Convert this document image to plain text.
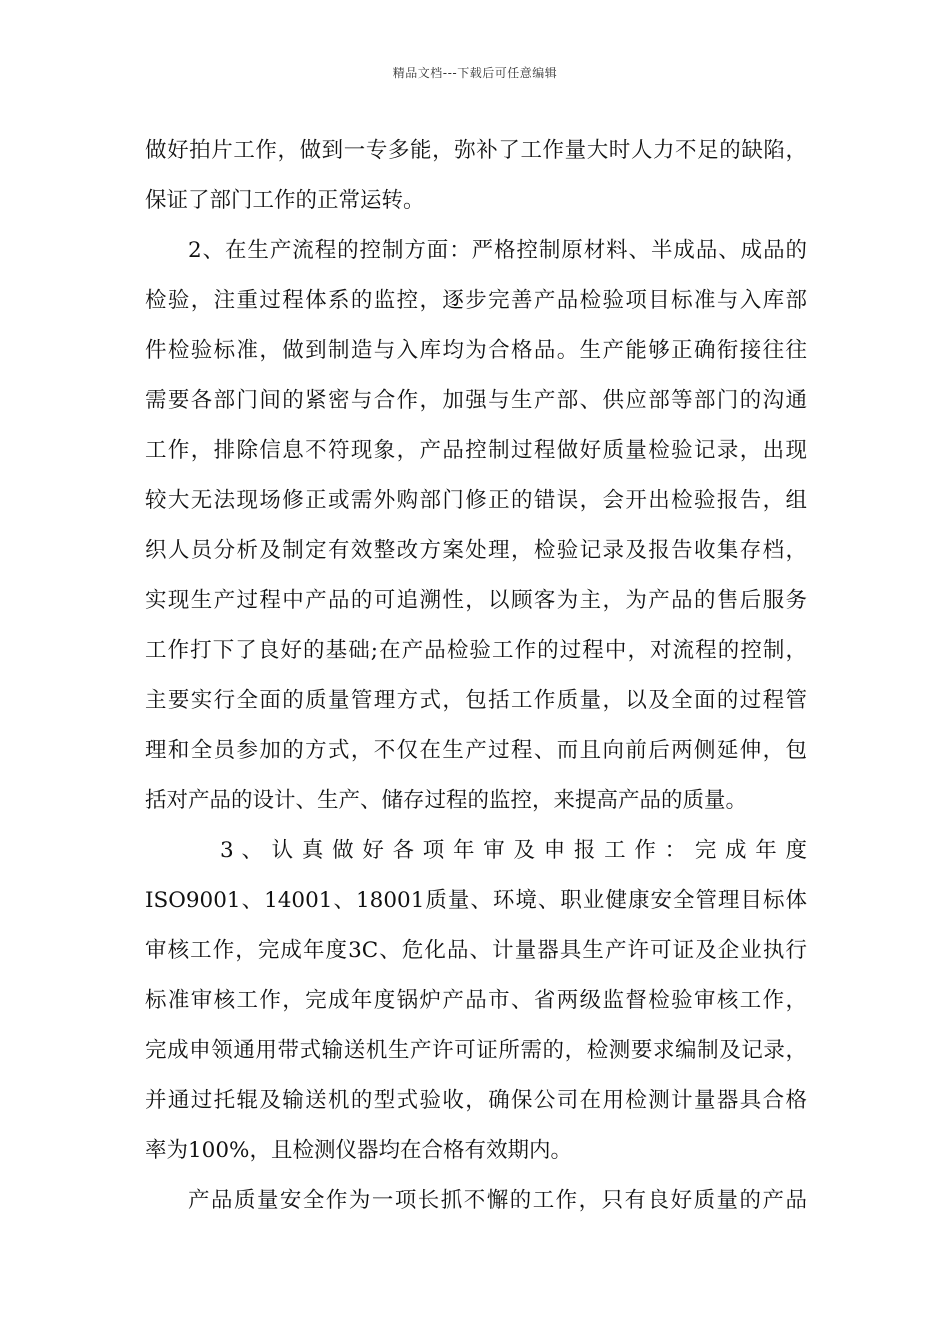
精品文档---下载后可任意编辑
做好拍片工作，做到一专多能，弥补了工作量大时人力不足的缺陷，
保证了部门工作的正常运转。
2、在生产流程的控制方面：严格控制原材料、半成品、成品的
检验，注重过程体系的监控，逐步完善产品检验项目标准与入库部
件检验标准，做到制造与入库均为合格品。生产能够正确衔接往往
需要各部门间的紧密与合作，加强与生产部、供应部等部门的沟通
工作，排除信息不符现象，产品控制过程做好质量检验记录，出现
较大无法现场修正或需外购部门修正的错误，会开出检验报告，组
织人员分析及制定有效整改方案处理，检验记录及报告收集存档，
实现生产过程中产品的可追溯性，以顾客为主，为产品的售后服务
工作打下了良好的基础;在产品检验工作的过程中，对流程的控制，
主要实行全面的质量管理方式，包括工作质量，以及全面的过程管
理和全员参加的方式，不仅在生产过程、而且向前后两侧延伸，包
括对产品的设计、生产、储存过程的监控，来提高产品的质量。
3 、 认 真 做 好 各 项 年 审 及 申 报 工 作 ： 完 成 年 度
ISO9001、14001、18001质量、环境、职业健康安全管理目标体
审核工作，完成年度3C、危化品、计量器具生产许可证及企业执行
标准审核工作，完成年度锅炉产品市、省两级监督检验审核工作，
完成申领通用带式输送机生产许可证所需的，检测要求编制及记录，
并通过托辊及输送机的型式验收，确保公司在用检测计量器具合格
率为100%，且检测仪器均在合格有效期内。
产品质量安全作为一项长抓不懈的工作，只有良好质量的产品
